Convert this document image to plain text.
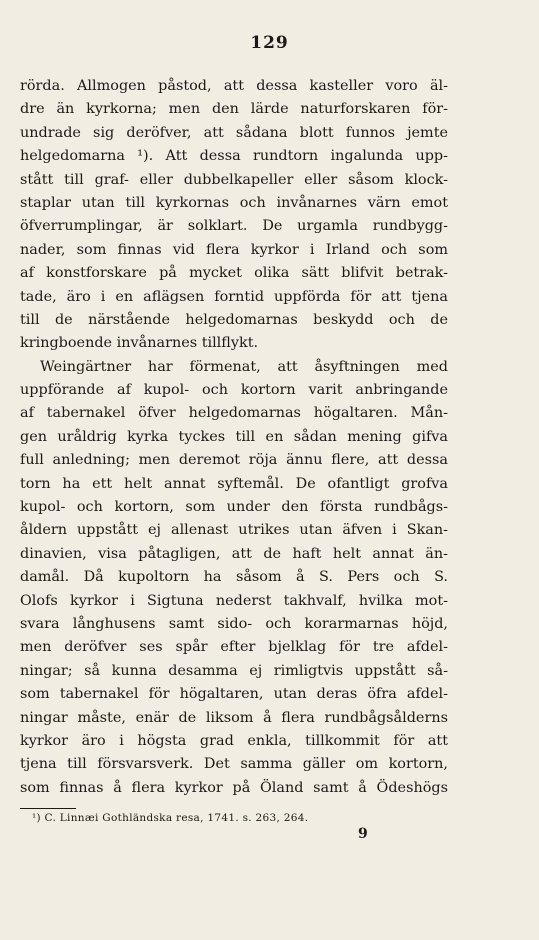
129
rörda. Allmogen påstod, att dessa kasteller voro äl-
dre än kyrkorna; men den lärde naturforskaren för-
undrade sig deröfver, att sådana blott funnos jemte
helgedomarna ¹). Att dessa rundtorn ingalunda upp-
stått till graf- eller dubbelkapeller eller såsom klock-
staplar utan till kyrkornas och invånarnes värn emot
öfverrumplingar, är solklart. De urgamla rundbygg-
nader, som finnas vid flera kyrkor i Irland och som
af konstforskare på mycket olika sätt blifvit betrak-
tade, äro i en aflägsen forntid uppförda för att tjena
till de närstående helgedomarnas beskydd och de
kringboende invånarnes tillflykt.
Weingärtner har förmenat, att åsyftningen med
uppförande af kupol- och kortorn varit anbringande
af tabernakel öfver helgedomarnas högaltaren. Mån-
gen uråldrig kyrka tyckes till en sådan mening gifva
full anledning; men deremot röja ännu flere, att dessa
torn ha ett helt annat syftemål. De ofantligt grofva
kupol- och kortorn, som under den första rundbågs-
åldern uppstått ej allenast utrikes utan äfven i Skan-
dinavien, visa påtagligen, att de haft helt annat än-
damål. Då kupoltorn ha såsom å S. Pers och S.
Olofs kyrkor i Sigtuna nederst takhvalf, hvilka mot-
svara långhusens samt sido- och korarmarnas höjd,
men deröfver ses spår efter bjelklag för tre afdel-
ningar; så kunna desamma ej rimligtvis uppstått så-
som tabernakel för högaltaren, utan deras öfra afdel-
ningar måste, enär de liksom å flera rundbågsålderns
kyrkor äro i högsta grad enkla, tillkommit för att
tjena till försvarsverk. Det samma gäller om kortorn,
som finnas å flera kyrkor på Öland samt å Ödeshögs
¹) C. Linnæi Gothländska resa, 1741. s. 263, 264.
9
